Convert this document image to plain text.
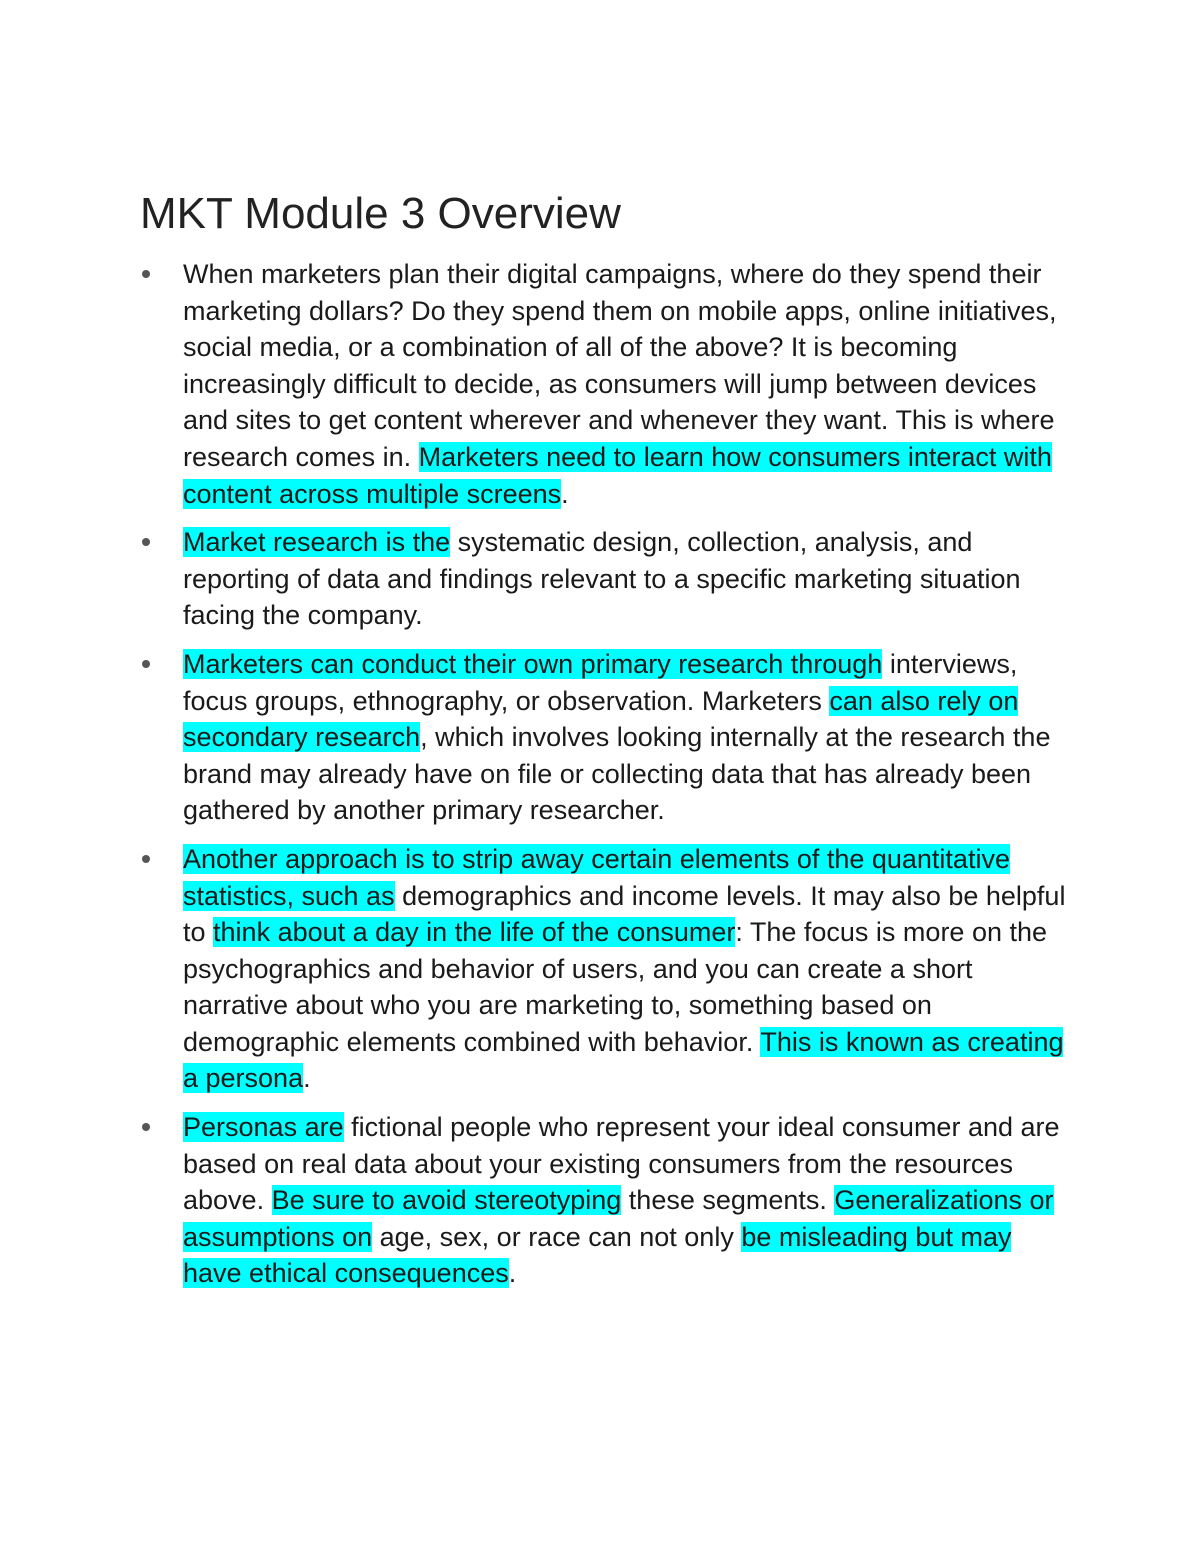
MKT Module 3 Overview
When marketers plan their digital campaigns, where do they spend their marketing dollars? Do they spend them on mobile apps, online initiatives, social media, or a combination of all of the above? It is becoming increasingly difficult to decide, as consumers will jump between devices and sites to get content wherever and whenever they want. This is where research comes in. Marketers need to learn how consumers interact with content across multiple screens.
Market research is the systematic design, collection, analysis, and reporting of data and findings relevant to a specific marketing situation facing the company.
Marketers can conduct their own primary research through interviews, focus groups, ethnography, or observation. Marketers can also rely on secondary research, which involves looking internally at the research the brand may already have on file or collecting data that has already been gathered by another primary researcher.
Another approach is to strip away certain elements of the quantitative statistics, such as demographics and income levels. It may also be helpful to think about a day in the life of the consumer: The focus is more on the psychographics and behavior of users, and you can create a short narrative about who you are marketing to, something based on demographic elements combined with behavior. This is known as creating a persona.
Personas are fictional people who represent your ideal consumer and are based on real data about your existing consumers from the resources above. Be sure to avoid stereotyping these segments. Generalizations or assumptions on age, sex, or race can not only be misleading but may have ethical consequences.
